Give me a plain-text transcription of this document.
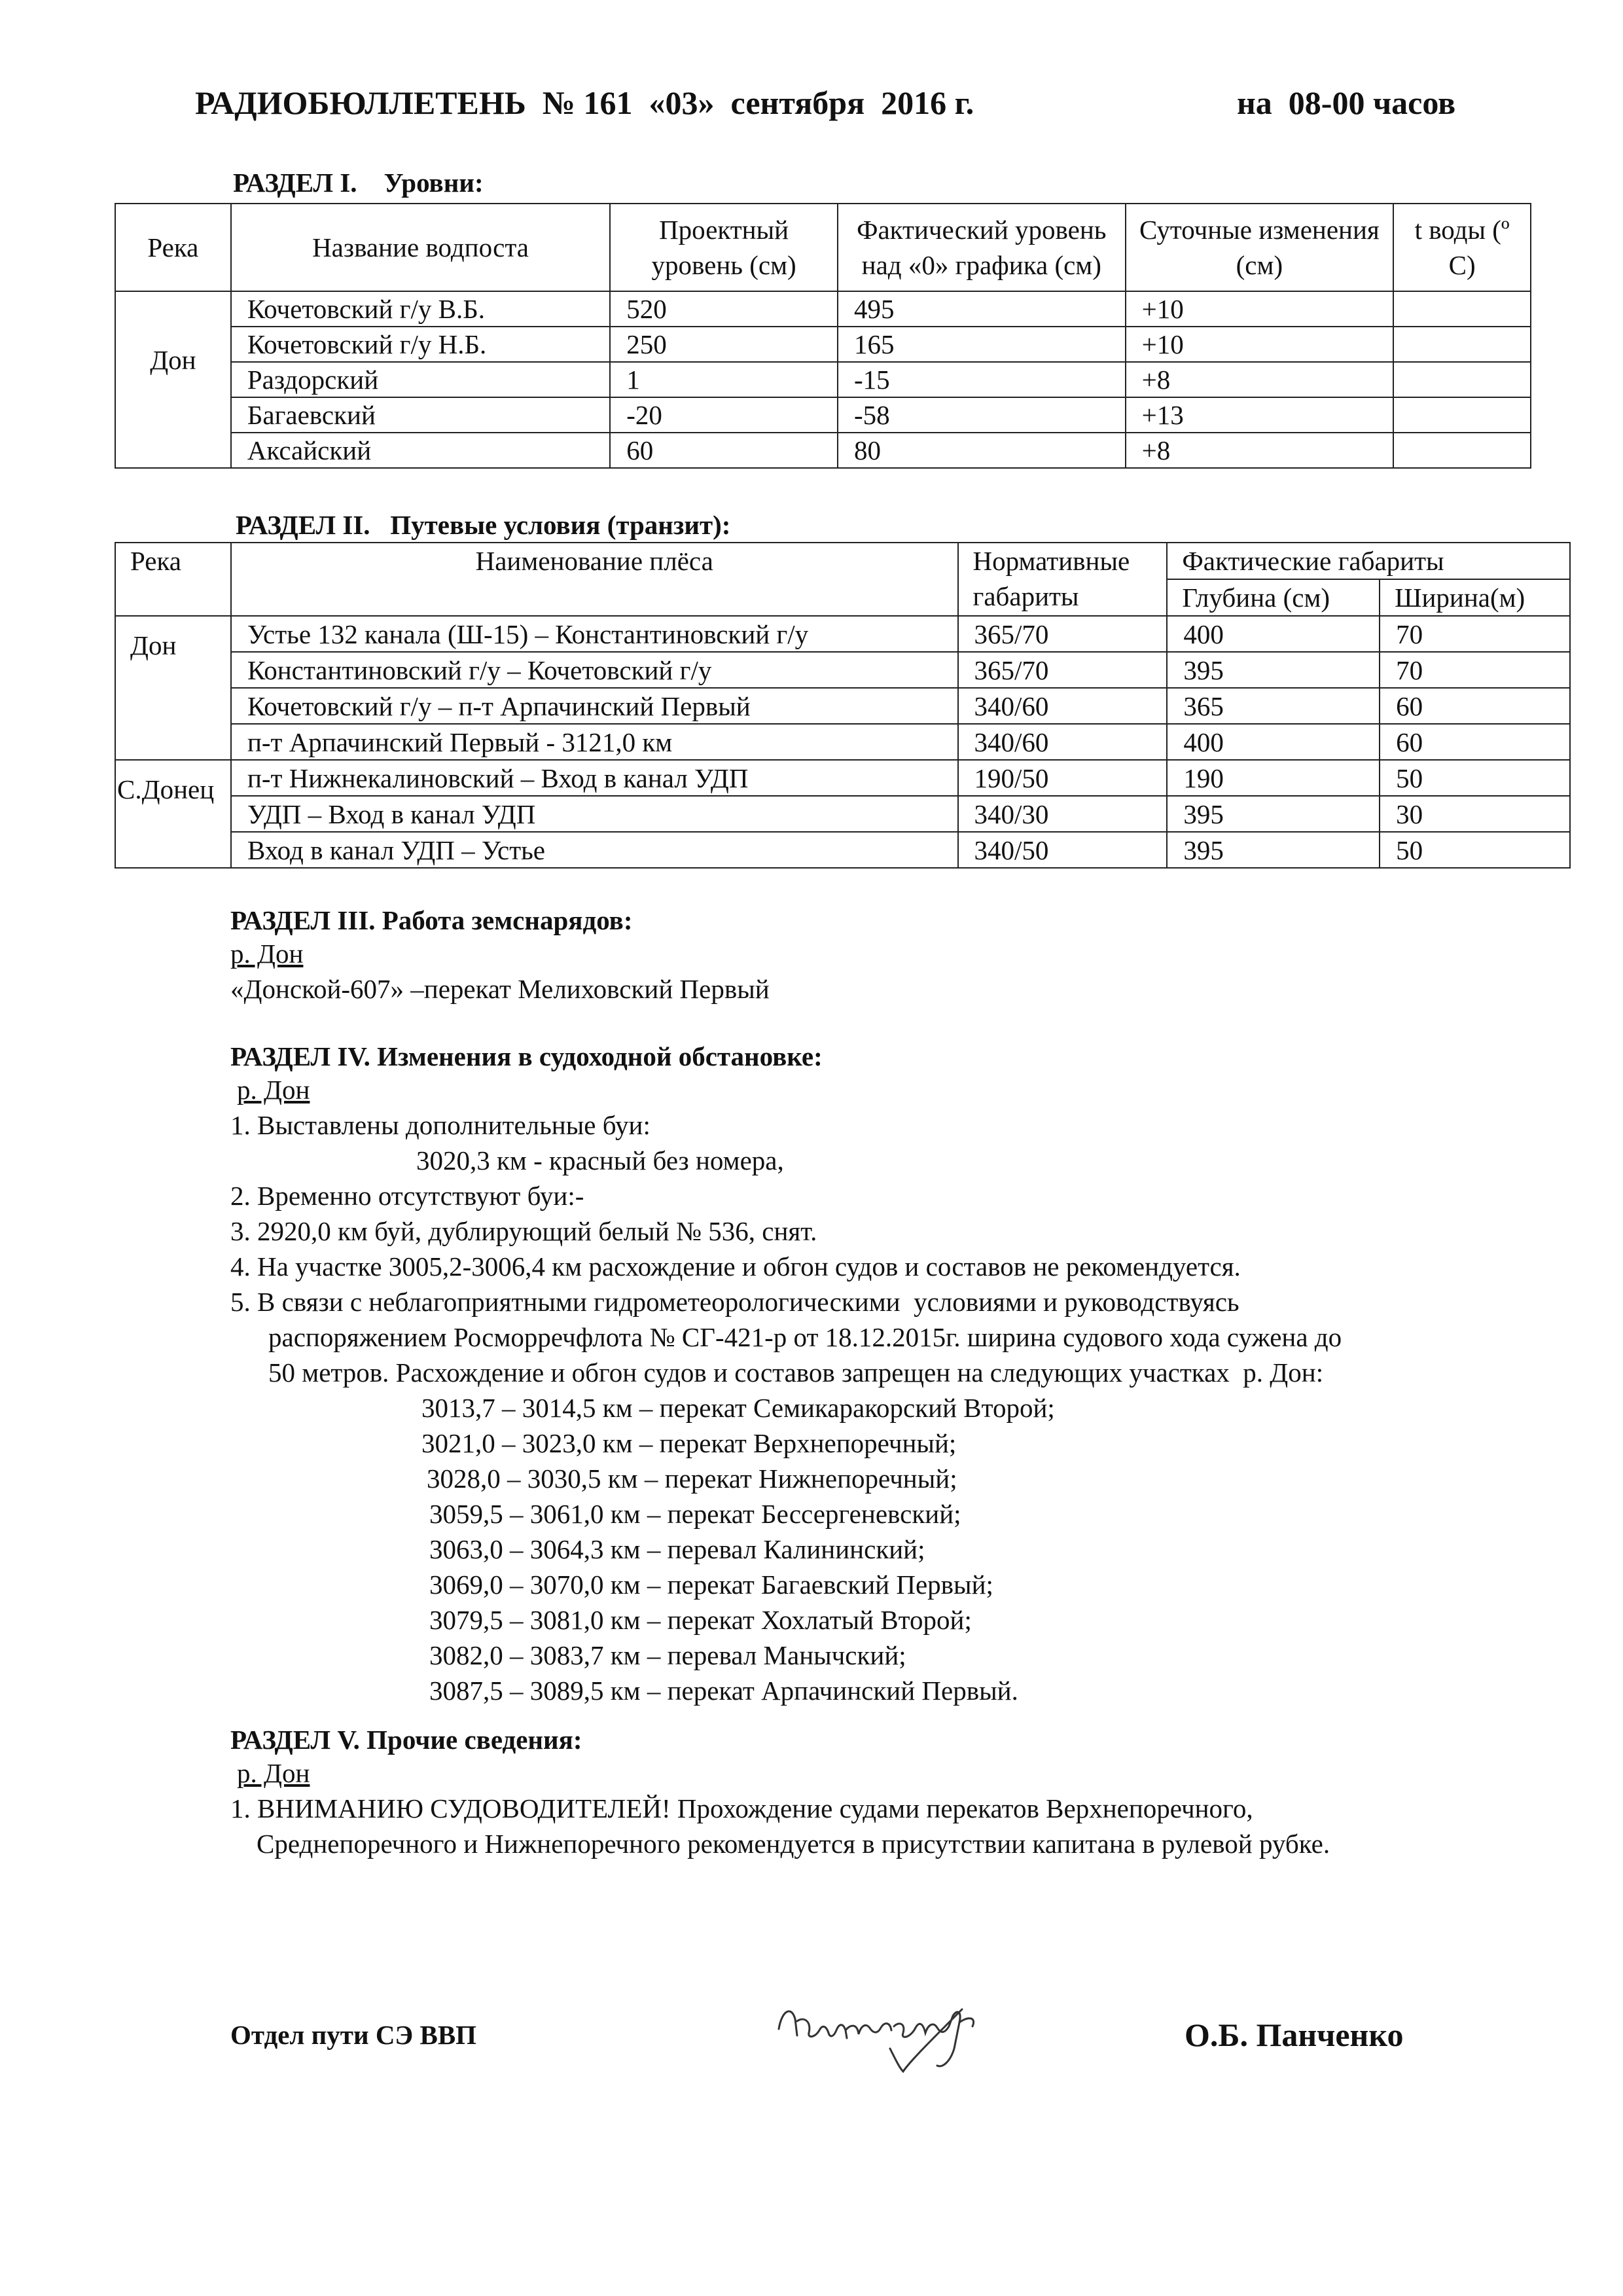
РАДИОБЮЛЛЕТЕНЬ  № 161  «03»  сентября  2016 г.	на  08-00 часов
РАЗДЕЛ I.    Уровни:
Река	Название водпоста	Проектный уровень (см)	Фактический уровень над «0» графика (см)	Суточные изменения (см)	t воды (º С)
Дон	Кочетовский г/у В.Б.	520	495	+10	
	Кочетовский г/у Н.Б.	250	165	+10	
	Раздорский	1	-15	+8	
	Багаевский	-20	-58	+13	
	Аксайский	60	80	+8	
РАЗДЕЛ II.   Путевые условия (транзит):
Река	Наименование плёса	Нормативные габариты	Фактические габариты	
			Глубина (см)	Ширина(м)
Дон	Устье 132 канала (Ш-15) – Константиновский г/у	365/70	400	70
	Константиновский г/у – Кочетовский г/у	365/70	395	70
	Кочетовский г/у – п-т Арпачинский Первый	340/60	365	60
	п-т Арпачинский Первый - 3121,0 км	340/60	400	60
С.Донец	п-т Нижнекалиновский – Вход в канал УДП	190/50	190	50
	УДП – Вход в канал УДП	340/30	395	30
	Вход в канал УДП – Устье	340/50	395	50
РАЗДЕЛ III. Работа земснарядов:
р. Дон
«Донской-607» –перекат Мелиховский Первый
РАЗДЕЛ IV. Изменения в судоходной обстановке:
р. Дон
1. Выставлены дополнительные буи:
3020,3 км - красный без номера,
2. Временно отсутствуют буи:-
3. 2920,0 км буй, дублирующий белый № 536, снят.
4. На участке 3005,2-3006,4 км расхождение и обгон судов и составов не рекомендуется.
5. В связи с неблагоприятными гидрометеорологическими  условиями и руководствуясь
распоряжением Росморречфлота № СГ-421-р от 18.12.2015г. ширина судового хода сужена до
50 метров. Расхождение и обгон судов и составов запрещен на следующих участках  р. Дон:
3013,7 – 3014,5 км – перекат Семикаракорский Второй;
3021,0 – 3023,0 км – перекат Верхнепоречный;
3028,0 – 3030,5 км – перекат Нижнепоречный;
3059,5 – 3061,0 км – перекат Бессергеневский;
3063,0 – 3064,3 км – перевал Калининский;
3069,0 – 3070,0 км – перекат Багаевский Первый;
3079,5 – 3081,0 км – перекат Хохлатый Второй;
3082,0 – 3083,7 км – перевал Манычский;
3087,5 – 3089,5 км – перекат Арпачинский Первый.
РАЗДЕЛ V. Прочие сведения:
р. Дон
1. ВНИМАНИЮ СУДОВОДИТЕЛЕЙ! Прохождение судами перекатов Верхнепоречного,
Среднепоречного и Нижнепоречного рекомендуется в присутствии капитана в рулевой рубке.
Отдел пути СЭ ВВП	О.Б. Панченко
